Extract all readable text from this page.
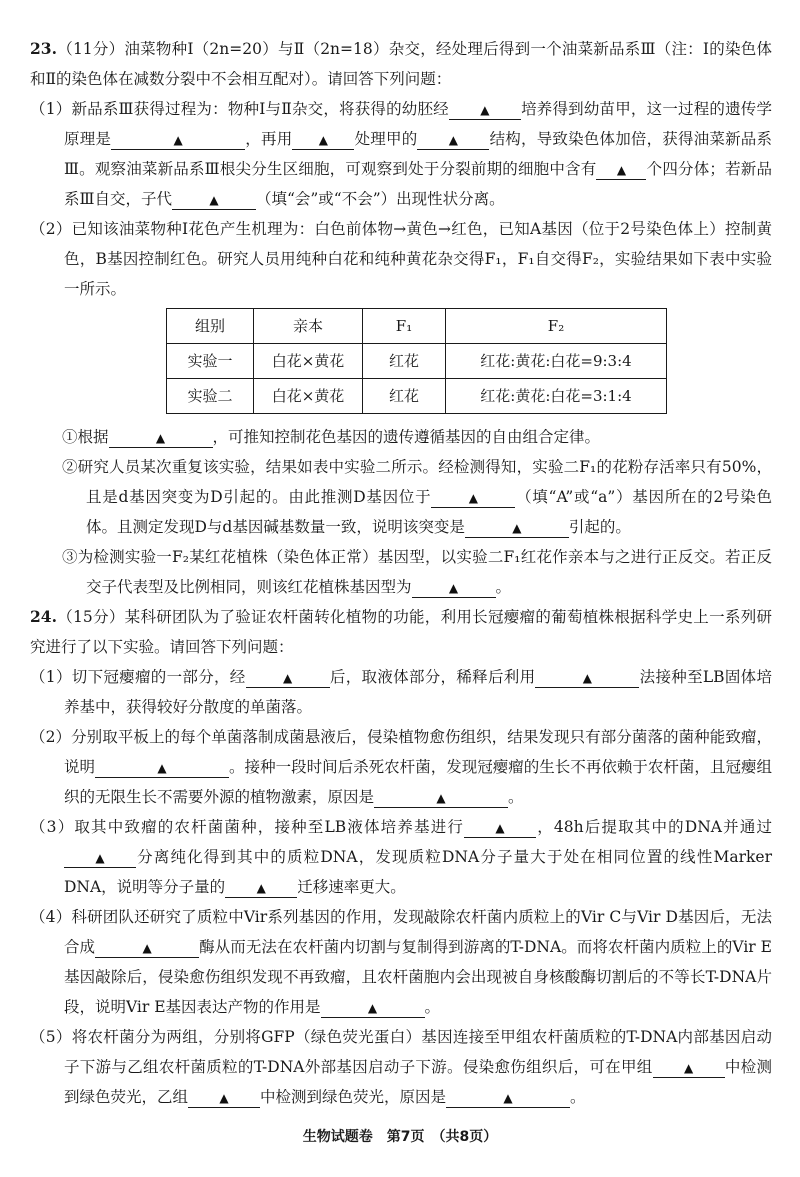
23.（11分）油菜物种Ⅰ（2n=20）与Ⅱ（2n=18）杂交，经处理后得到一个油菜新品系Ⅲ（注：Ⅰ的染色体和Ⅱ的染色体在减数分裂中不会相互配对）。请回答下列问题：

（1）新品系Ⅲ获得过程为：物种Ⅰ与Ⅱ杂交，将获得的幼胚经	▲ 培养得到幼苗甲，这一过程的遗传学原理是	▲	，再用 ▲ 处理甲的	▲ 结构，导致染色体加倍，获得油菜新品系Ⅲ。观察油菜新品系Ⅲ根尖分生区细胞，可观察到处于分裂前期的细胞中含有 ▲ 个四分体；若新品系Ⅲ自交，子代	▲ （填“会”或“不会”）出现性状分离。

（2）已知该油菜物种Ⅰ花色产生机理为：白色前体物→黄色→红色，已知A基因（位于2号染色体上）控制黄色，B基因控制红色。研究人员用纯种白花和纯种黄花杂交得F₁，F₁自交得F₂，实验结果如下表中实验一所示。

组别	亲本	F₁	F₂
实验一	白花×黄花	红花	红花:黄花:白花=9:3:4
实验二	白花×黄花	红花	红花:黄花:白花=3:1:4

①根据	▲	，可推知控制花色基因的遗传遵循基因的自由组合定律。

②研究人员某次重复该实验，结果如表中实验二所示。经检测得知，实验二F₁的花粉存活率只有50%，且是d基因突变为D引起的。由此推测D基因位于	▲ （填“A”或“a”）基因所在的2号染色体。且测定发现D与d基因碱基数量一致，说明该突变是	▲	引起的。

③为检测实验一F₂某红花植株（染色体正常）基因型，以实验二F₁红花作亲本与之进行正反交。若正反交子代表型及比例相同，则该红花植株基因型为	▲ 。

24.（15分）某科研团队为了验证农杆菌转化植物的功能，利用长冠瘿瘤的葡萄植株根据科学史上一系列研究进行了以下实验。请回答下列问题：

（1）切下冠瘿瘤的一部分，经	▲ 后，取液体部分，稀释后利用	▲	法接种至LB固体培养基中，获得较好分散度的单菌落。

（2）分别取平板上的每个单菌落制成菌悬液后，侵染植物愈伤组织，结果发现只有部分菌落的菌种能致瘤，说明	▲	。接种一段时间后杀死农杆菌，发现冠瘿瘤的生长不再依赖于农杆菌，且冠瘿组织的无限生长不需要外源的植物激素，原因是	▲	。

（3）取其中致瘤的农杆菌菌种，接种至LB液体培养基进行	▲ ，48h后提取其中的DNA并通过▲ 分离纯化得到其中的质粒DNA，发现质粒DNA分子量大于处在相同位置的线性Marker DNA，说明等分子量的	▲ 迁移速率更大。

（4）科研团队还研究了质粒中Vir系列基因的作用，发现敲除农杆菌内质粒上的Vir C与Vir D基因后，无法合成	▲	酶从而无法在农杆菌内切割与复制得到游离的T-DNA。而将农杆菌内质粒上的Vir E基因敲除后，侵染愈伤组织发现不再致瘤，且农杆菌胞内会出现被自身核酸酶切割后的不等长T-DNA片段，说明Vir E基因表达产物的作用是	▲	。

（5）将农杆菌分为两组，分别将GFP（绿色荧光蛋白）基因连接至甲组农杆菌质粒的T-DNA内部基因启动子下游与乙组农杆菌质粒的T-DNA外部基因启动子下游。侵染愈伤组织后，可在甲组	▲ 中检测到绿色荧光，乙组	▲ 中检测到绿色荧光，原因是	▲	。

生物试题卷　第7页　（共8页）
